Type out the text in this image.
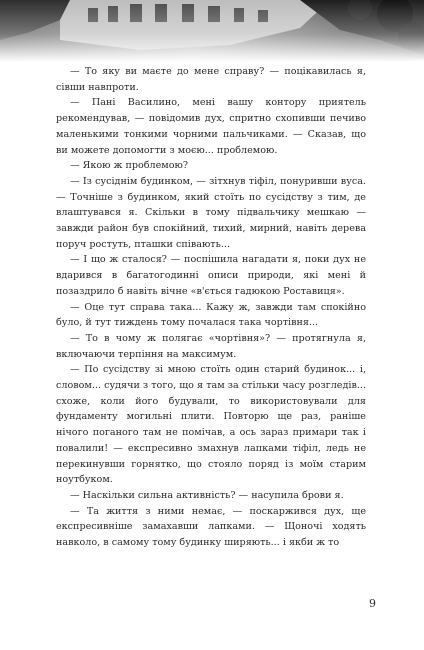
— То яку ви маєте до мене справу? — поцікавилась я, сівши навпроти.

— Пані Василино, мені вашу контору приятель рекомендував, — повідомив дух, спритно схопивши печиво маленькими тонкими чорними пальчиками. — Сказав, що ви можете допомогти з моєю... проблемою.

— Якою ж проблемою?

— Із сусіднім будинком, — зітхнув тіфіл, понуривши вуса. — Точніше з будинком, який стоїть по сусідству з тим, де влаштувався я. Скільки в тому підвальчику мешкаю — завжди район був спокійний, тихий, мирний, навіть дерева поруч ростуть, пташки співають...

— І що ж сталося? — поспішила нагадати я, поки дух не вдарився в багатогодинні описи природи, які мені й позаздрило б навіть вічне «в'ється гадюкою Роставиця».

— Оце тут справа така... Кажу ж, завжди там спокійно було, й тут тиждень тому почалася така чортівня...

— То в чому ж полягає «чортівня»? — протягнула я, включаючи терпіння на максимум.

— По сусідству зі мною стоїть один старий будинок... і, словом... судячи з того, що я там за стільки часу розгледів... схоже, коли його будували, то використовували для фундаменту могильні плити. Повторю ще раз, раніше нічого поганого там не помічав, а ось зараз примари так і повалили! — експресивно змахнув лапками тіфіл, ледь не перекинувши горнятко, що стояло поряд із моїм старим ноутбуком.

— Наскільки сильна активність? — насупила брови я.

— Та життя з ними немає, — поскаржився дух, ще експресивніше замахавши лапками. — Щоночі ходять навколо, в самому тому будинку ширяють... і якби ж то

9
